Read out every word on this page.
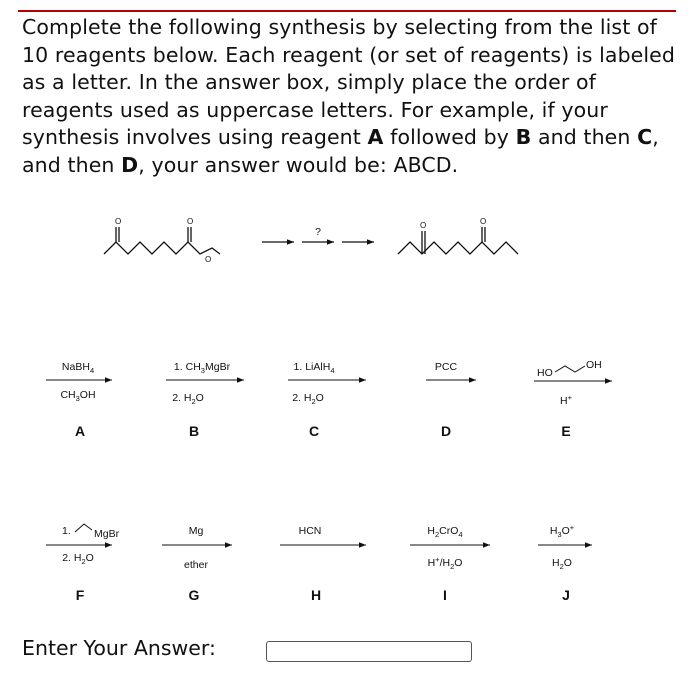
Complete the following synthesis by selecting from the list of 10 reagents below. Each reagent (or set of reagents) is labeled as a letter. In the answer box, simply place the order of reagents used as uppercase letters. For example, if your synthesis involves using reagent A followed by B and then C, and then D, your answer would be: ABCD.
O	O
O
?
O	O
NaBH$_4$
$CH_3OH$
A
1. $CH_3MgBr$
2. $H_2O$
B
1. LiAlH$_4$
2. $H_2O$
C
PCC
D
HO
OH
H+
E
1. MgBr
2. $H_2O$
F
Mg
ether
G
HCN
H
$H_2CrO_4$
$H^+/H_2O$
I
$H_3O^+$
$H_2O$
J
Enter Your Answer:
